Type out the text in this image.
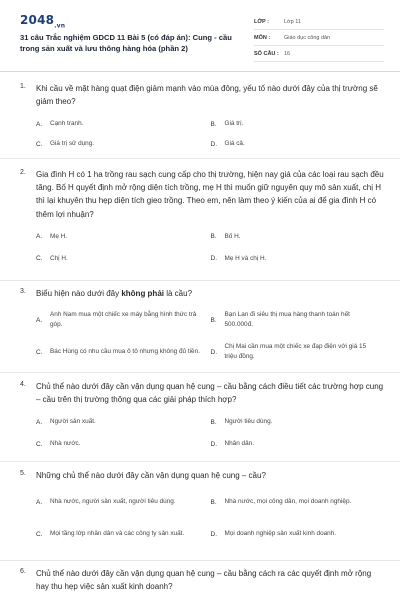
$2048_{.vn}$
31 câu Trắc nghiệm GDCD 11 Bài 5 (có đáp án): Cung - cầu trong sản xuất và lưu thông hàng hóa (phần 2)
LỚP :	Lớp 11
MÔN :	Giáo dục công dân
SỐ CÂU : 16
1.	Khi cầu về mặt hàng quạt điện giảm mạnh vào mùa đông, yếu tố nào dưới đây của thị trường sẽ giảm theo?
A.	Cạnh tranh.	B.	Giá trị.
C.	Giá trị sử dụng.	D.	Giá cả.
2.	Gia đình H có 1 ha trồng rau sạch cung cấp cho thị trường, hiện nay giá của các loại rau sạch đều tăng. Bố H quyết định mở rộng diện tích trồng, mẹ H thì muốn giữ nguyên quy mô sản xuất, chị H thì lại khuyên thu hẹp diện tích gieo trồng. Theo em, nên làm theo ý kiến của ai để gia đình H có thêm lợi nhuận?
A.	Mẹ H.	B.	Bố H.
C.	Chị H.	D.	Mẹ H và chị H.
3.	Biểu hiện nào dưới đây không phải là cầu?
A.
Anh Nam mua một chiếc xe máy bằng hình thức trả góp.
B.
Bạn Lan đi siêu thị mua hàng thanh toán hết 500.000đ.
C.	Bác Hùng có nhu cầu mua ô tô nhưng không đủ tiền.	D.
Chị Mai cần mua một chiếc xe đạp điện với giá 15 triệu đồng.
4.	Chủ thể nào dưới đây cần vận dụng quan hệ cung – cầu bằng cách điều tiết các trường hợp cung – cầu trên thị trường thông qua các giải pháp thích hợp?
A.	Người sản xuất.	B.	Người tiêu dùng.
C.	Nhà nước.	D.	Nhân dân.
5.	Những chủ thể nào dưới đây cần vận dụng quan hệ cung – cầu?
A.	Nhà nước, người sản xuất, người tiêu dùng.	B.	Nhà nước, mọi công dân, mọi doanh nghiệp.
C.	Mọi tầng lớp nhân dân và các công ty sản xuất.	D.	Mọi doanh nghiệp sản xuất kinh doanh.
6.	Chủ thể nào dưới đây cần vận dụng quan hệ cung – cầu bằng cách ra các quyết định mở rộng hay thu hẹp việc sản xuất kinh doanh?
